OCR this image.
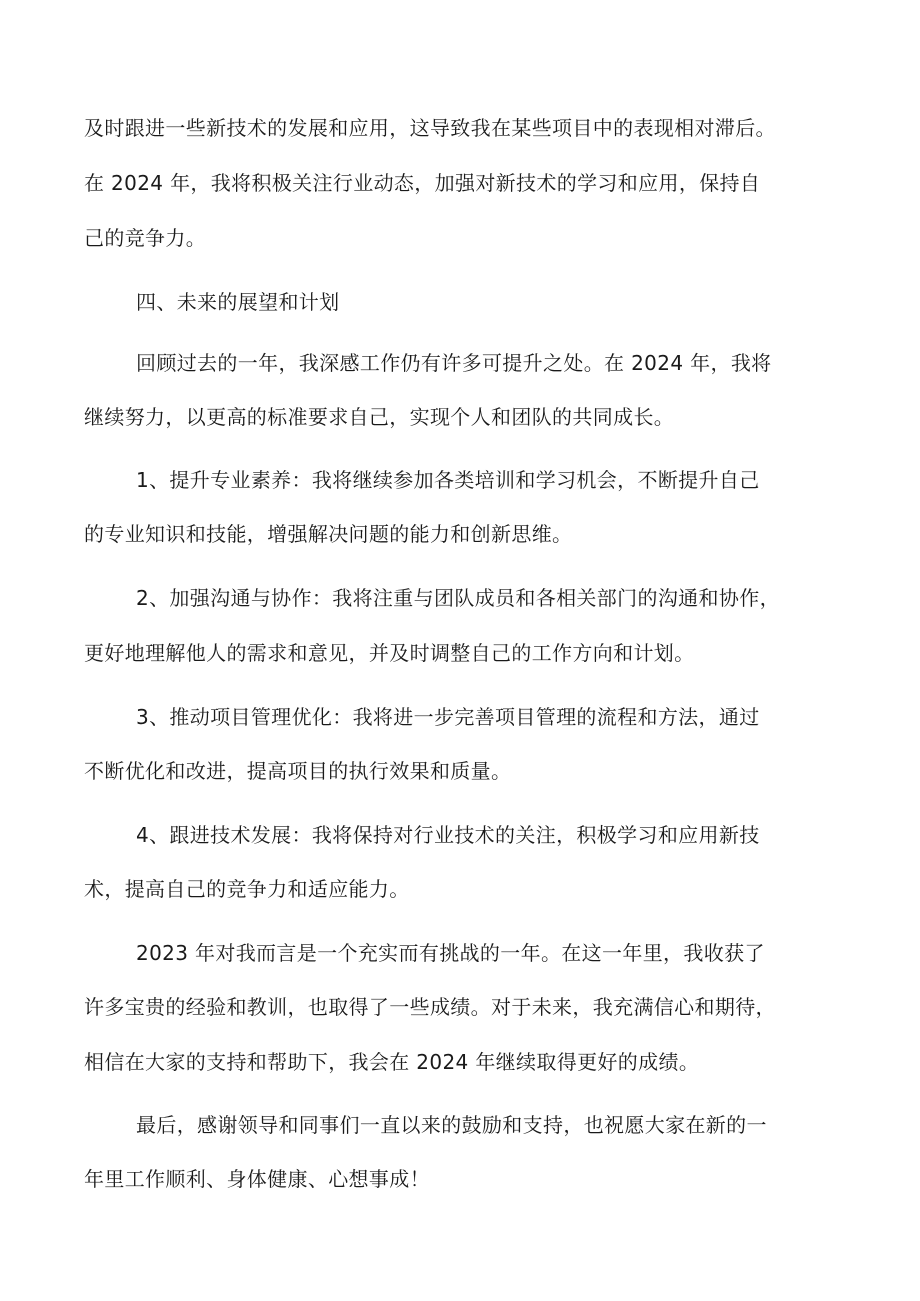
及时跟进一些新技术的发展和应用，这导致我在某些项目中的表现相对滞后。
在 2024 年，我将积极关注行业动态，加强对新技术的学习和应用，保持自
己的竞争力。
四、未来的展望和计划
回顾过去的一年，我深感工作仍有许多可提升之处。在 2024 年，我将
继续努力，以更高的标准要求自己，实现个人和团队的共同成长。
1、提升专业素养：我将继续参加各类培训和学习机会，不断提升自己
的专业知识和技能，增强解决问题的能力和创新思维。
2、加强沟通与协作：我将注重与团队成员和各相关部门的沟通和协作，
更好地理解他人的需求和意见，并及时调整自己的工作方向和计划。
3、推动项目管理优化：我将进一步完善项目管理的流程和方法，通过
不断优化和改进，提高项目的执行效果和质量。
4、跟进技术发展：我将保持对行业技术的关注，积极学习和应用新技
术，提高自己的竞争力和适应能力。
2023 年对我而言是一个充实而有挑战的一年。在这一年里，我收获了
许多宝贵的经验和教训，也取得了一些成绩。对于未来，我充满信心和期待，
相信在大家的支持和帮助下，我会在 2024 年继续取得更好的成绩。
最后，感谢领导和同事们一直以来的鼓励和支持，也祝愿大家在新的一
年里工作顺利、身体健康、心想事成！
